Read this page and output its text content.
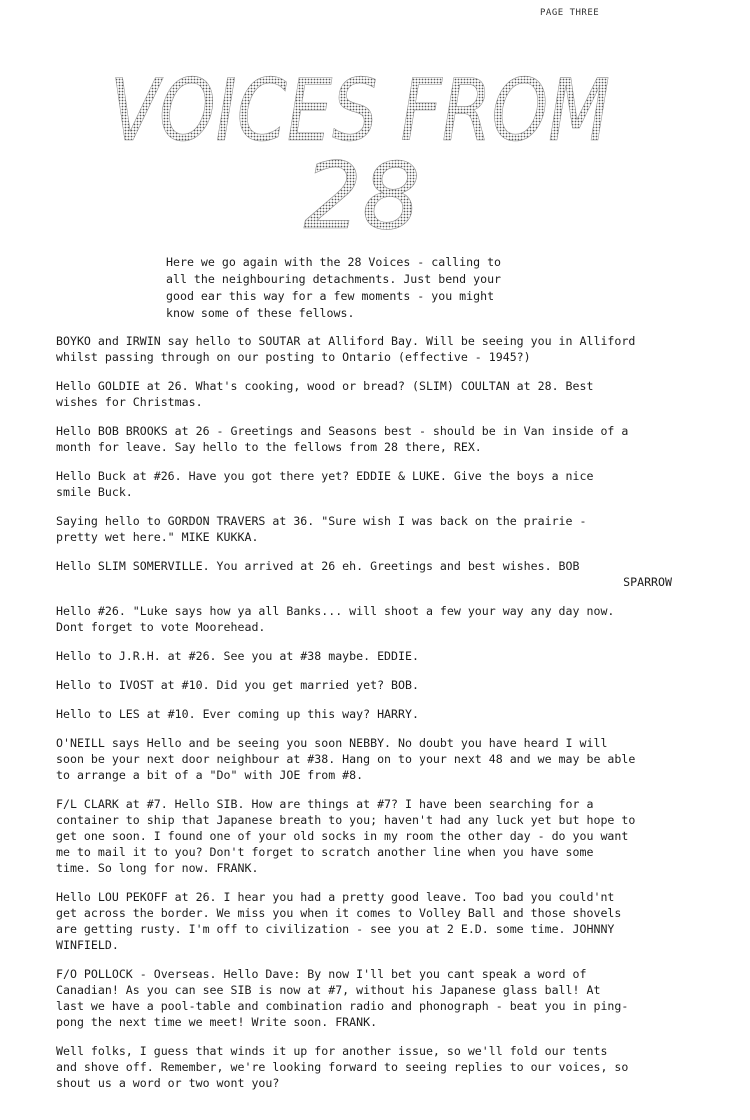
PAGE THREE
VOICES FROM
28
Here we go again with the 28 Voices - calling to
all the neighbouring detachments. Just bend your
good ear this way for a few moments - you might
know some of these fellows.
BOYKO and IRWIN say hello to SOUTAR at Alliford Bay. Will be seeing you in Alliford
whilst passing through on our posting to Ontario (effective - 1945?)
Hello GOLDIE at 26. What's cooking, wood or bread? (SLIM) COULTAN at 28. Best
wishes for Christmas.
Hello BOB BROOKS at 26 - Greetings and Seasons best - should be in Van inside of a
month for leave. Say hello to the fellows from 28 there, REX.
Hello Buck at #26. Have you got there yet? EDDIE & LUKE. Give the boys a nice
smile Buck.
Saying hello to GORDON TRAVERS at 36. "Sure wish I was back on the prairie -
pretty wet here." MIKE KUKKA.
Hello SLIM SOMERVILLE. You arrived at 26 eh. Greetings and best wishes. BOB
SPARROW
Hello #26. "Luke says how ya all Banks... will shoot a few your way any day now.
Dont forget to vote Moorehead.
Hello to J.R.H. at #26. See you at #38 maybe. EDDIE.
Hello to IVOST at #10. Did you get married yet? BOB.
Hello to LES at #10. Ever coming up this way? HARRY.
O'NEILL says Hello and be seeing you soon NEBBY. No doubt you have heard I will
soon be your next door neighbour at #38. Hang on to your next 48 and we may be able
to arrange a bit of a "Do" with JOE from #8.
F/L CLARK at #7. Hello SIB. How are things at #7? I have been searching for a
container to ship that Japanese breath to you; haven't had any luck yet but hope to
get one soon. I found one of your old socks in my room the other day - do you want
me to mail it to you? Don't forget to scratch another line when you have some
time. So long for now. FRANK.
Hello LOU PEKOFF at 26. I hear you had a pretty good leave. Too bad you could'nt
get across the border. We miss you when it comes to Volley Ball and those shovels
are getting rusty. I'm off to civilization - see you at 2 E.D. some time. JOHNNY
WINFIELD.
F/O POLLOCK - Overseas. Hello Dave: By now I'll bet you cant speak a word of
Canadian! As you can see SIB is now at #7, without his Japanese glass ball! At
last we have a pool-table and combination radio and phonograph - beat you in ping-
pong the next time we meet! Write soon. FRANK.
Well folks, I guess that winds it up for another issue, so we'll fold our tents
and shove off. Remember, we're looking forward to seeing replies to our voices, so
shout us a word or two wont you?
